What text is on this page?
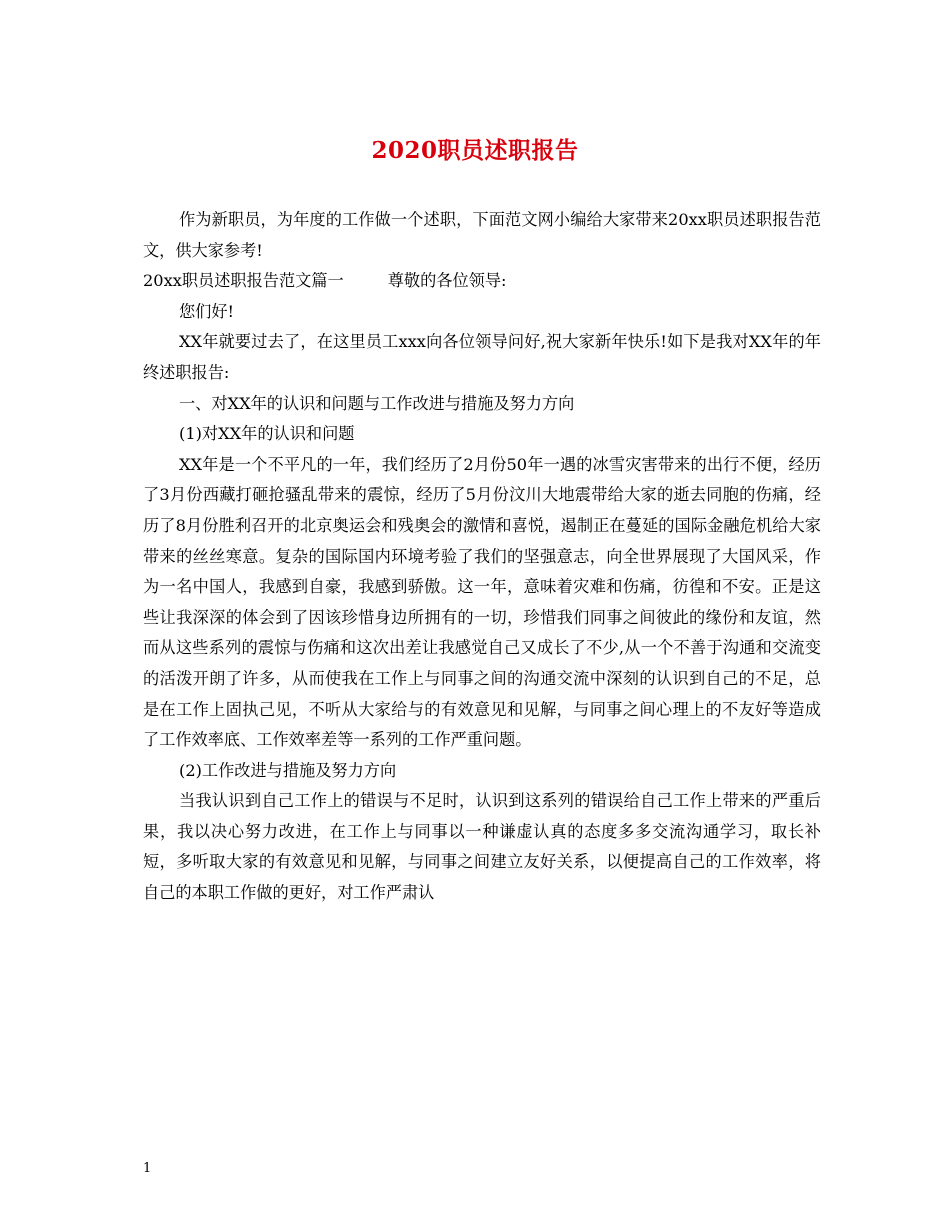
2020职员述职报告

作为新职员，为年度的工作做一个述职，下面范文网小编给大家带来20xx职员述职报告范文，供大家参考!

20xx职员述职报告范文篇一	尊敬的各位领导:

您们好!

XX年就要过去了，在这里员工xxx向各位领导问好,祝大家新年快乐!如下是我对XX年的年终述职报告:

一、对XX年的认识和问题与工作改进与措施及努力方向

(1)对XX年的认识和问题

XX年是一个不平凡的一年，我们经历了2月份50年一遇的冰雪灾害带来的出行不便，经历了3月份西藏打砸抢骚乱带来的震惊，经历了5月份汶川大地震带给大家的逝去同胞的伤痛，经历了8月份胜利召开的北京奥运会和残奥会的激情和喜悦，遏制正在蔓延的国际金融危机给大家带来的丝丝寒意。复杂的国际国内环境考验了我们的坚强意志，向全世界展现了大国风采，作为一名中国人，我感到自豪，我感到骄傲。这一年，意味着灾难和伤痛，彷徨和不安。正是这些让我深深的体会到了因该珍惜身边所拥有的一切，珍惜我们同事之间彼此的缘份和友谊，然而从这些系列的震惊与伤痛和这次出差让我感觉自己又成长了不少,从一个不善于沟通和交流变的活泼开朗了许多，从而使我在工作上与同事之间的沟通交流中深刻的认识到自己的不足，总是在工作上固执己见，不听从大家给与的有效意见和见解，与同事之间心理上的不友好等造成了工作效率底、工作效率差等一系列的工作严重问题。

(2)工作改进与措施及努力方向

当我认识到自己工作上的错误与不足时，认识到这系列的错误给自己工作上带来的严重后果，我以决心努力改进，在工作上与同事以一种谦虚认真的态度多多交流沟通学习，取长补短，多听取大家的有效意见和见解，与同事之间建立友好关系，以便提高自己的工作效率，将自己的本职工作做的更好，对工作严肃认

1
